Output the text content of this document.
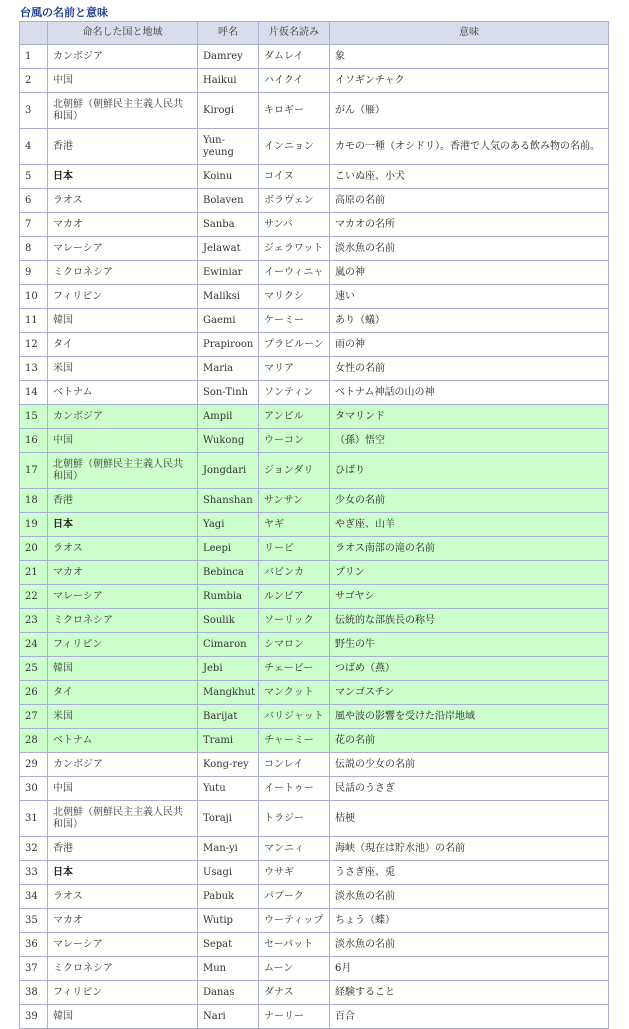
台風の名前と意味
	命名した国と地域	呼名	片仮名読み	意味
1	カンボジア	Damrey	ダムレイ	象
2	中国	Haikui	ハイクイ	イソギンチャク
3	北朝鮮（朝鮮民主主義人民共和国）	Kirogi	キロギー	がん（雁）
4	香港	Yun-yeung	インニョン	カモの一種（オシドリ）。香港で人気のある飲み物の名前。
5	日本	Koinu	コイヌ	こいぬ座、小犬
6	ラオス	Bolaven	ボラヴェン	高原の名前
7	マカオ	Sanba	サンバ	マカオの名所
8	マレーシア	Jelawat	ジェラワット	淡水魚の名前
9	ミクロネシア	Ewiniar	イーウィニャ	嵐の神
10	フィリピン	Maliksi	マリクシ	速い
11	韓国	Gaemi	ケーミー	あり（蟻）
12	タイ	Prapiroon	プラピルーン	雨の神
13	米国	Maria	マリア	女性の名前
14	ベトナム	Son-Tinh	ソンティン	ベトナム神話の山の神
15	カンボジア	Ampil	アンピル	タマリンド
16	中国	Wukong	ウーコン	（孫）悟空
17	北朝鮮（朝鮮民主主義人民共和国）	Jongdari	ジョンダリ	ひばり
18	香港	Shanshan	サンサン	少女の名前
19	日本	Yagi	ヤギ	やぎ座、山羊
20	ラオス	Leepi	リーピ	ラオス南部の滝の名前
21	マカオ	Bebinca	バビンカ	プリン
22	マレーシア	Rumbia	ルンビア	サゴヤシ
23	ミクロネシア	Soulik	ソーリック	伝統的な部族長の称号
24	フィリピン	Cimaron	シマロン	野生の牛
25	韓国	Jebi	チェービー	つばめ（燕）
26	タイ	Mangkhut	マンクット	マンゴスチン
27	米国	Barijat	バリジャット	風や波の影響を受けた沿岸地域
28	ベトナム	Trami	チャーミー	花の名前
29	カンボジア	Kong-rey	コンレイ	伝説の少女の名前
30	中国	Yutu	イートゥー	民話のうさぎ
31	北朝鮮（朝鮮民主主義人民共和国）	Toraji	トラジー	桔梗
32	香港	Man-yi	マンニィ	海峡（現在は貯水池）の名前
33	日本	Usagi	ウサギ	うさぎ座、兎
34	ラオス	Pabuk	パブーク	淡水魚の名前
35	マカオ	Wutip	ウーティップ	ちょう（蝶）
36	マレーシア	Sepat	セーパット	淡水魚の名前
37	ミクロネシア	Mun	ムーン	6月
38	フィリピン	Danas	ダナス	経験すること
39	韓国	Nari	ナーリー	百合
